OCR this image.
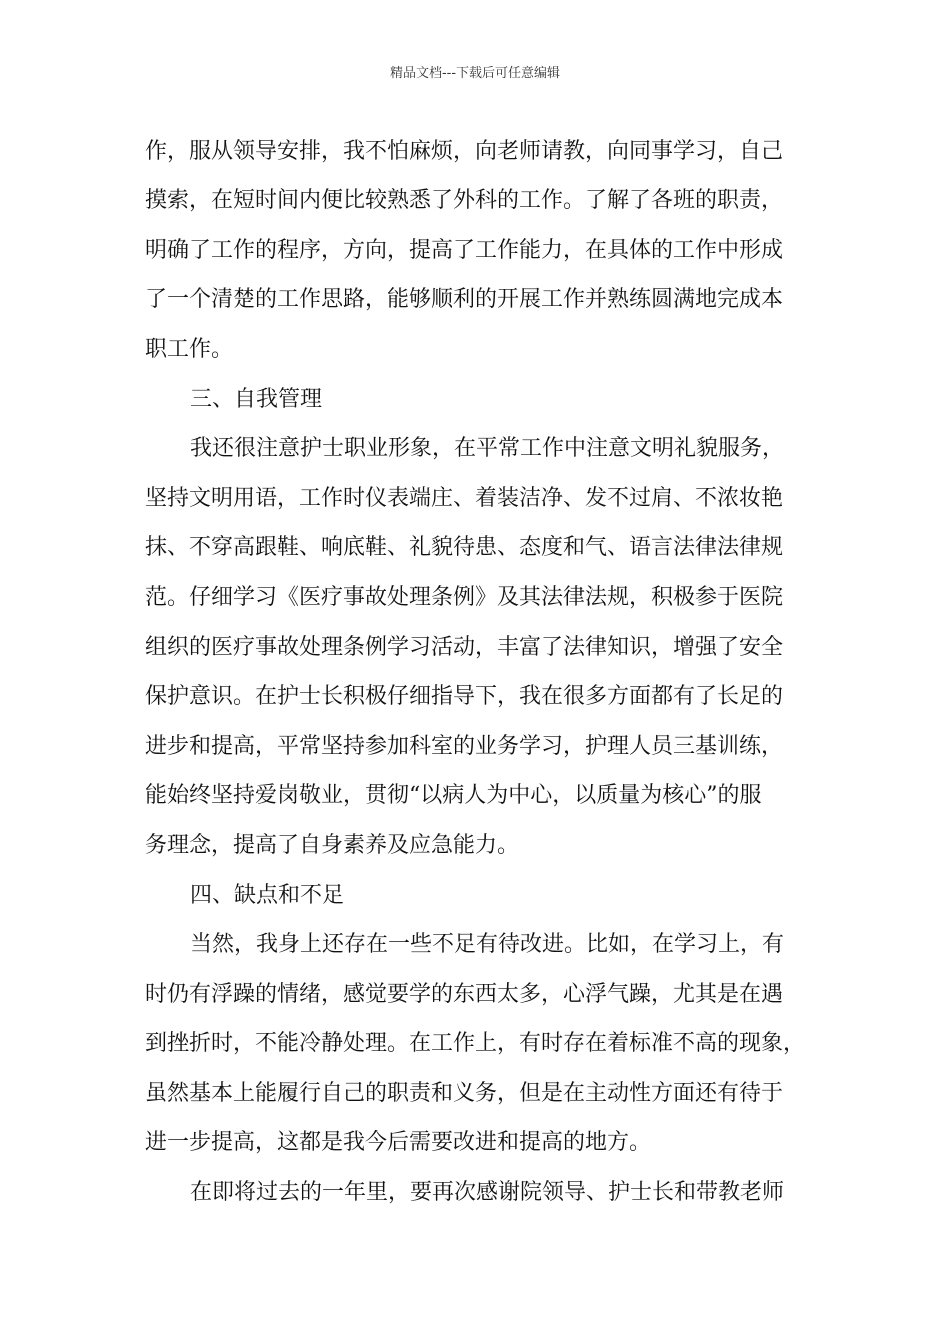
精品文档---下载后可任意编辑
作，服从领导安排，我不怕麻烦，向老师请教，向同事学习，自己
摸索，在短时间内便比较熟悉了外科的工作。了解了各班的职责，
明确了工作的程序，方向，提高了工作能力，在具体的工作中形成
了一个清楚的工作思路，能够顺利的开展工作并熟练圆满地完成本
职工作。
三、自我管理
我还很注意护士职业形象，在平常工作中注意文明礼貌服务，
坚持文明用语，工作时仪表端庄、着装洁净、发不过肩、不浓妆艳
抹、不穿高跟鞋、响底鞋、礼貌待患、态度和气、语言法律法律规
范。仔细学习《医疗事故处理条例》及其法律法规，积极参于医院
组织的医疗事故处理条例学习活动，丰富了法律知识，增强了安全
保护意识。在护士长积极仔细指导下，我在很多方面都有了长足的
进步和提高，平常坚持参加科室的业务学习，护理人员三基训练，
能始终坚持爱岗敬业，贯彻“以病人为中心，以质量为核心”的服
务理念，提高了自身素养及应急能力。
四、缺点和不足
当然，我身上还存在一些不足有待改进。比如，在学习上，有
时仍有浮躁的情绪，感觉要学的东西太多，心浮气躁，尤其是在遇
到挫折时，不能冷静处理。在工作上，有时存在着标准不高的现象，
虽然基本上能履行自己的职责和义务，但是在主动性方面还有待于
进一步提高，这都是我今后需要改进和提高的地方。
在即将过去的一年里，要再次感谢院领导、护士长和带教老师
